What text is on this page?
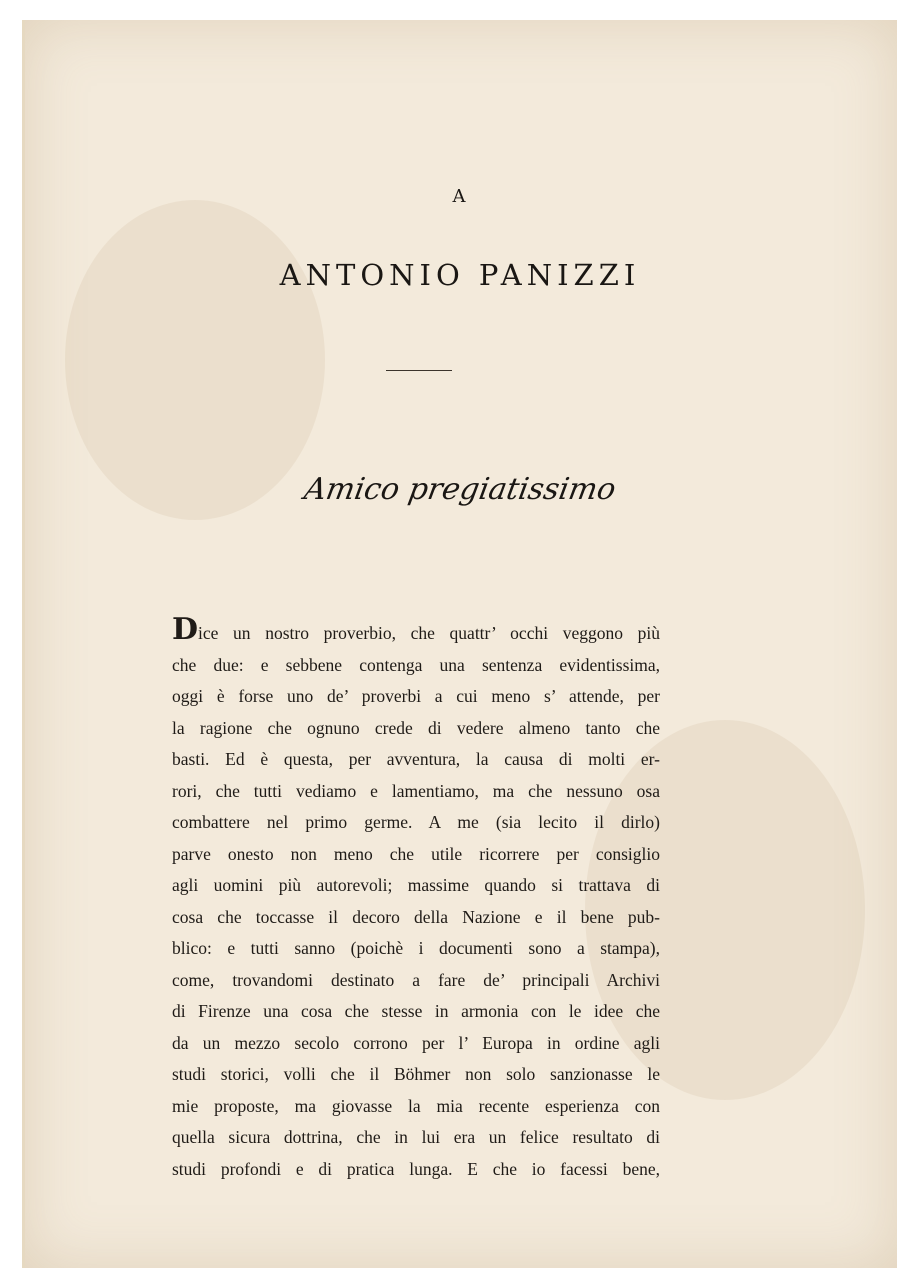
A

ANTONIO PANIZZI

Amico pregiatissimo

Dice un nostro proverbio, che quattr’ occhi veggono più
che due: e sebbene contenga una sentenza evidentissima,
oggi è forse uno de’ proverbi a cui meno s’ attende, per
la ragione che ognuno crede di vedere almeno tanto che
basti. Ed è questa, per avventura, la causa di molti er-
rori, che tutti vediamo e lamentiamo, ma che nessuno osa
combattere nel primo germe. A me (sia lecito il dirlo)
parve onesto non meno che utile ricorrere per consiglio
agli uomini più autorevoli; massime quando si trattava di
cosa che toccasse il decoro della Nazione e il bene pub-
blico: e tutti sanno (poichè i documenti sono a stampa),
come, trovandomi destinato a fare de’ principali Archivi
di Firenze una cosa che stesse in armonia con le idee che
da un mezzo secolo corrono per l’ Europa in ordine agli
studi storici, volli che il Böhmer non solo sanzionasse le
mie proposte, ma giovasse la mia recente esperienza con
quella sicura dottrina, che in lui era un felice resultato di
studi profondi e di pratica lunga. E che io facessi bene,
